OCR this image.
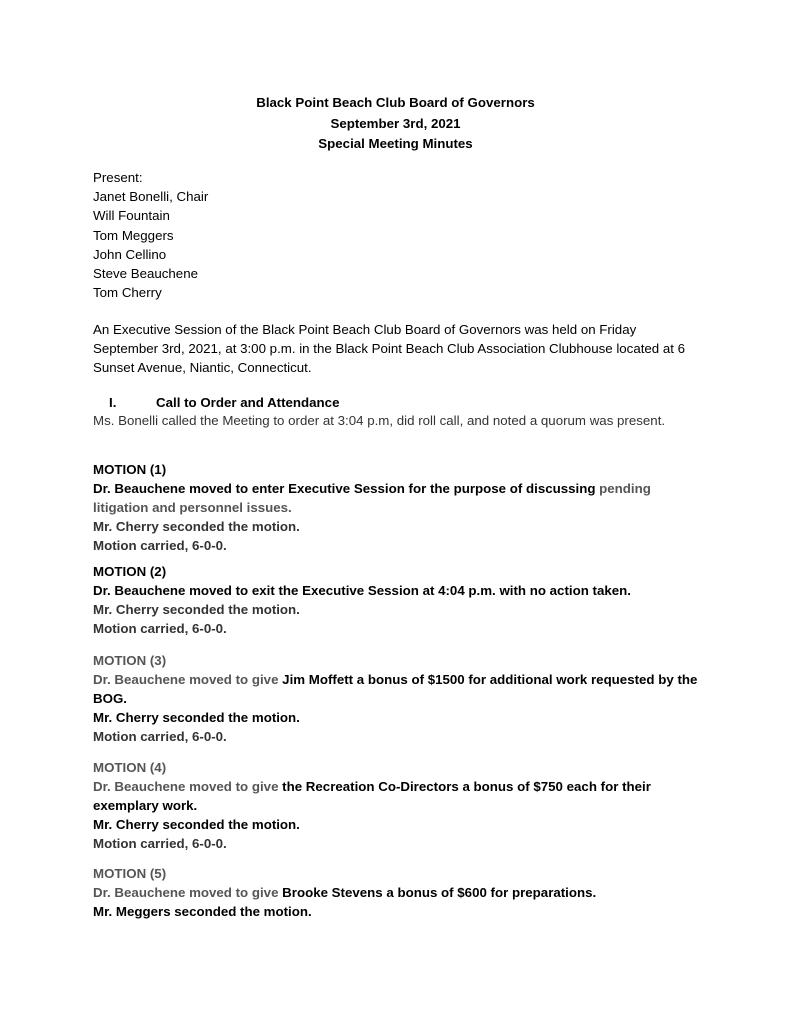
Black Point Beach Club Board of Governors
September 3rd, 2021
Special Meeting Minutes
Present:
Janet Bonelli, Chair
Will Fountain
Tom Meggers
John Cellino
Steve Beauchene
Tom Cherry
An Executive Session of the Black Point Beach Club Board of Governors was held on Friday September 3rd, 2021, at 3:00 p.m. in the Black Point Beach Club Association Clubhouse located at 6 Sunset Avenue, Niantic, Connecticut.
I.	Call to Order and Attendance
Ms. Bonelli called the Meeting to order at 3:04 p.m, did roll call, and noted a quorum was present.
MOTION (1)
Dr. Beauchene moved to enter Executive Session for the purpose of discussing pending litigation and personnel issues.
Mr. Cherry seconded the motion.
Motion carried, 6-0-0.
MOTION (2)
Dr. Beauchene moved to exit the Executive Session at 4:04 p.m. with no action taken.
Mr. Cherry seconded the motion.
Motion carried, 6-0-0.
MOTION (3)
Dr. Beauchene moved to give Jim Moffett a bonus of $1500 for additional work requested by the BOG.
Mr. Cherry seconded the motion.
Motion carried, 6-0-0.
MOTION (4)
Dr. Beauchene moved to give the Recreation Co-Directors a bonus of $750 each for their exemplary work.
Mr. Cherry seconded the motion.
Motion carried, 6-0-0.
MOTION (5)
Dr. Beauchene moved to give Brooke Stevens a bonus of $600 for preparations.
Mr. Meggers seconded the motion.
